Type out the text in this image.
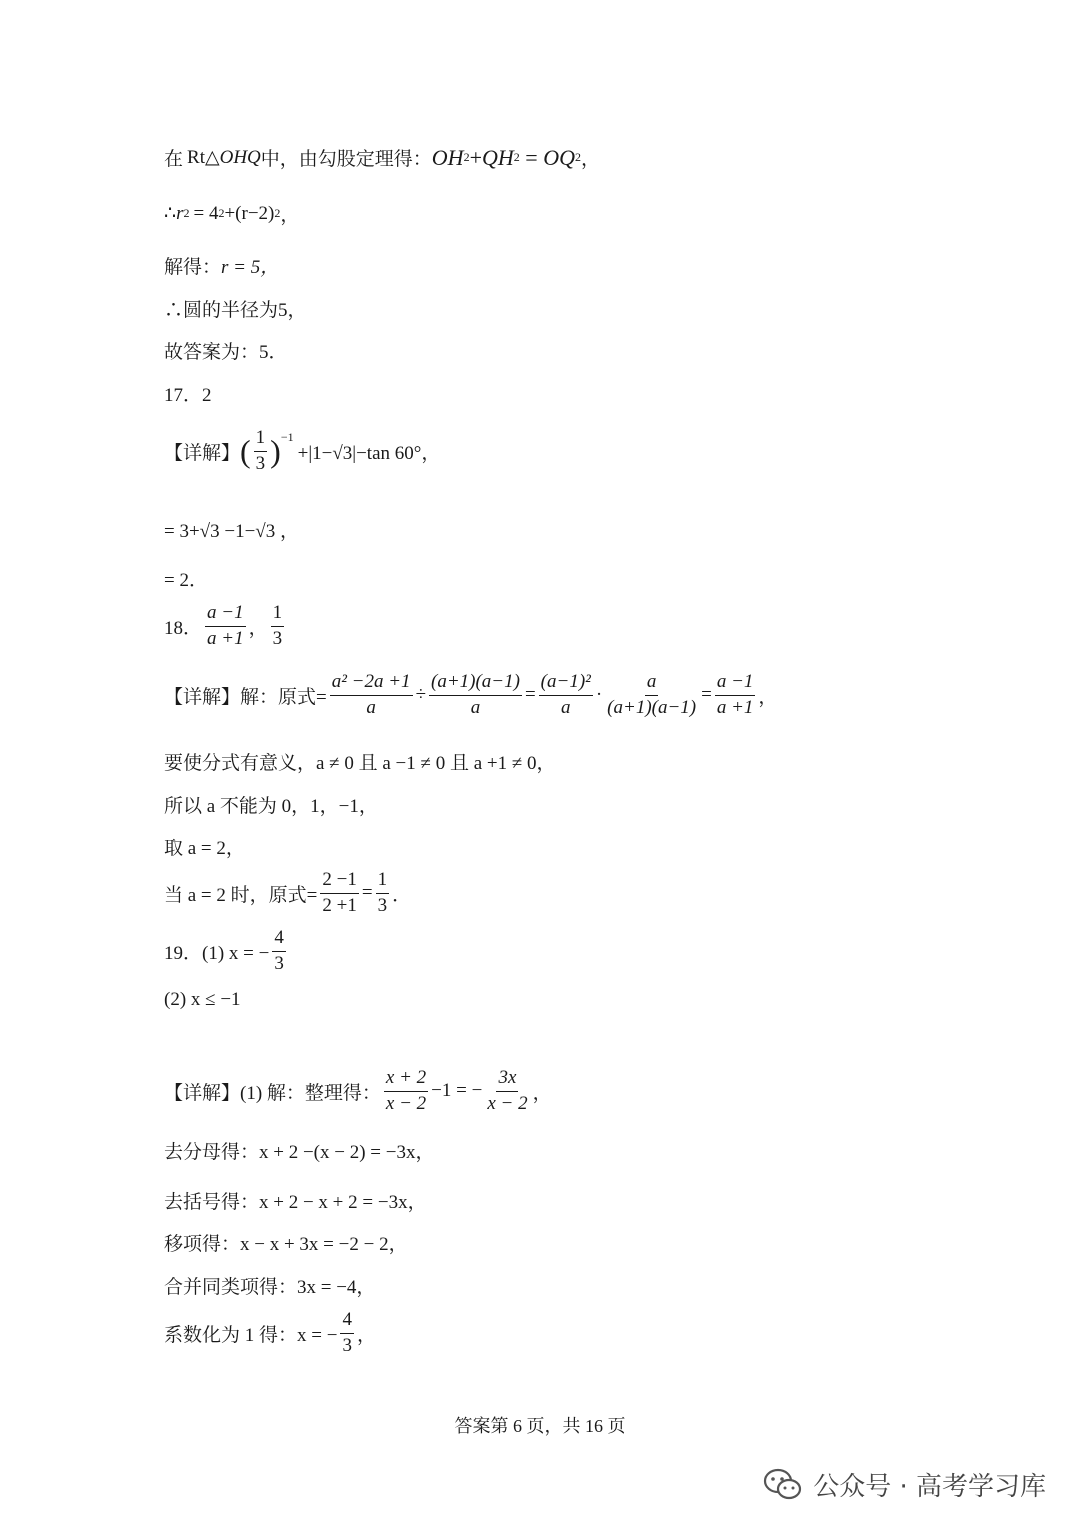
在 Rt△ OHQ 中，由勾股定理得： OH 2 + QH 2 = OQ 2 ，
∴ r 2 = 4 2 +(r−2) 2 ，
解得： r = 5，
∴圆的半径为5，
故答案为：5．
17．2
【详解】 ( $\frac{1}{3} )^{-1}$
+|1−√3|−tan 60°，
= 3+√3 −1−√3 ，
= 2．
18． $\frac{a -1}{a +1}$ ， $\frac{1}{3}$
【详解】解：原式= $\frac{\text{a² −2a +1}}{a} \div \frac{(a+1)(a-1)}{a} = \frac{\text{(a−1)²}}{a} \cdot \frac{a}{(a+1)(a-1)} = \frac{a -1}{a +1}$ ，
要使分式有意义，a ≠ 0 且 a −1 ≠ 0 且 a +1 ≠ 0，
所以 a 不能为 0，1，−1，
取 a = 2，
当 a = 2 时，原式= $\frac{2 -1}{2 +1} = \frac{1}{3}$ ．
19．(1) x = − $\frac{4}{3}$
(2) x ≤ −1
【详解】(1) 解：整理得： $\frac{x + 2}{x - 2} -1$ = − $\frac{3x}{x - 2}$ ，
去分母得：x + 2 −(x − 2) = −3x，
去括号得：x + 2 − x + 2 = −3x，
移项得：x − x + 3x = −2 − 2，
合并同类项得：3x = −4，
系数化为 1 得：x = − $\frac{4}{3}$ ，
答案第 6 页，共 16 页
公众号 · 高考学习库
